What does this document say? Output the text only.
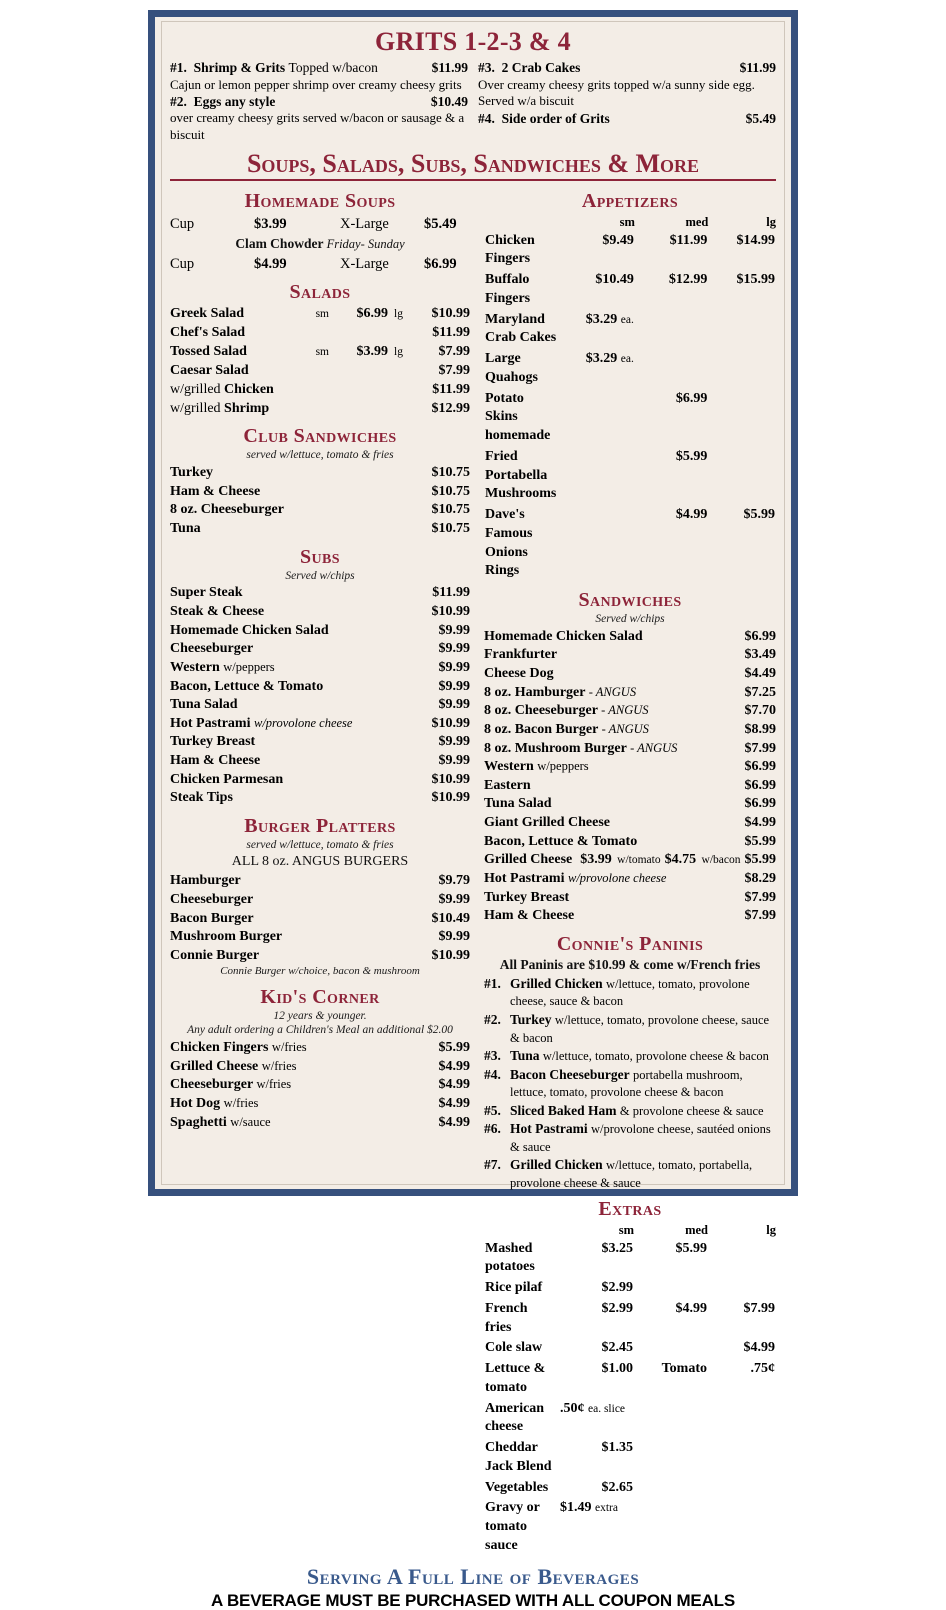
GRITS 1-2-3 & 4
#1. Shrimp & Grits Topped w/bacon	$11.99
Cajun or lemon pepper shrimp over creamy cheesy grits
#2. Eggs any style	$10.49
over creamy cheesy grits served w/bacon or sausage & a biscuit
#3. 2 Crab Cakes	$11.99
Over creamy cheesy grits topped w/a sunny side egg. Served w/a biscuit
#4. Side order of Grits	$5.49
Soups, Salads, Subs, Sandwiches & More
Homemade Soups
Cup	$3.99	X-Large	$5.49
Clam Chowder Friday- Sunday
Cup	$4.99	X-Large	$6.99
Salads
Greek Salad	sm	$6.99 lg	$10.99
Chef's Salad	$11.99
Tossed Salad	sm	$3.99 lg	$7.99
Caesar Salad	$7.99
w/grilled Chicken	$11.99
w/grilled Shrimp	$12.99
Club Sandwiches
served w/lettuce, tomato & fries
Turkey	$10.75
Ham & Cheese	$10.75
8 oz. Cheeseburger	$10.75
Tuna	$10.75
Subs
Served w/chips
Super Steak	$11.99
Steak & Cheese	$10.99
Homemade Chicken Salad	$9.99
Cheeseburger	$9.99
Western w/peppers	$9.99
Bacon, Lettuce & Tomato	$9.99
Tuna Salad	$9.99
Hot Pastrami w/provolone cheese	$10.99
Turkey Breast	$9.99
Ham & Cheese	$9.99
Chicken Parmesan	$10.99
Steak Tips	$10.99
Burger Platters
served w/lettuce, tomato & fries
ALL 8 oz. ANGUS BURGERS
Hamburger	$9.79
Cheeseburger	$9.99
Bacon Burger	$10.49
Mushroom Burger	$9.99
Connie Burger	$10.99
Connie Burger w/choice, bacon & mushroom
Kid's Corner
12 years & younger.
Any adult ordering a Children's Meal an additional $2.00
Chicken Fingers w/fries	$5.99
Grilled Cheese w/fries	$4.99
Cheeseburger w/fries	$4.99
Hot Dog w/fries	$4.99
Spaghetti w/sauce	$4.99
Appetizers
	sm	med	lg
Chicken Fingers	$9.49	$11.99	$14.99
Buffalo Fingers	$10.49	$12.99	$15.99
Maryland Crab Cakes	$3.29 ea.		
Large Quahogs	$3.29 ea.		
Potato Skins homemade		$6.99	
Fried Portabella Mushrooms		$5.99	
Dave's Famous Onions Rings		$4.99	$5.99
Sandwiches
Served w/chips
Homemade Chicken Salad	$6.99
Frankfurter	$3.49
Cheese Dog	$4.49
8 oz. Hamburger - ANGUS	$7.25
8 oz. Cheeseburger - ANGUS	$7.70
8 oz. Bacon Burger - ANGUS	$8.99
8 oz. Mushroom Burger - ANGUS	$7.99
Western w/peppers	$6.99
Eastern	$6.99
Tuna Salad	$6.99
Giant Grilled Cheese	$4.99
Bacon, Lettuce & Tomato	$5.99
Grilled Cheese $3.99 w/tomato $4.75 w/bacon $5.99
Hot Pastrami w/provolone cheese	$8.29
Turkey Breast	$7.99
Ham & Cheese	$7.99
Connie's Paninis
All Paninis are $10.99 & come w/French fries
#1. Grilled Chicken w/lettuce, tomato, provolone cheese, sauce & bacon
#2. Turkey w/lettuce, tomato, provolone cheese, sauce & bacon
#3. Tuna w/lettuce, tomato, provolone cheese & bacon
#4. Bacon Cheeseburger portabella mushroom, lettuce, tomato, provolone cheese & bacon
#5. Sliced Baked Ham & provolone cheese & sauce
#6. Hot Pastrami w/provolone cheese, sautéed onions & sauce
#7. Grilled Chicken w/lettuce, tomato, portabella, provolone cheese & sauce
Extras
	sm	med	lg
Mashed potatoes	$3.25	$5.99	
Rice pilaf	$2.99		
French fries	$2.99	$4.99	$7.99
Cole slaw	$2.45		$4.99
Lettuce & tomato	$1.00	Tomato	.75¢
American cheese	.50¢ ea. slice		
Cheddar Jack Blend	$1.35		
Vegetables	$2.65		
Gravy or tomato sauce	$1.49 extra		
Serving A Full Line of Beverages
A BEVERAGE MUST BE PURCHASED WITH ALL COUPON MEALS
